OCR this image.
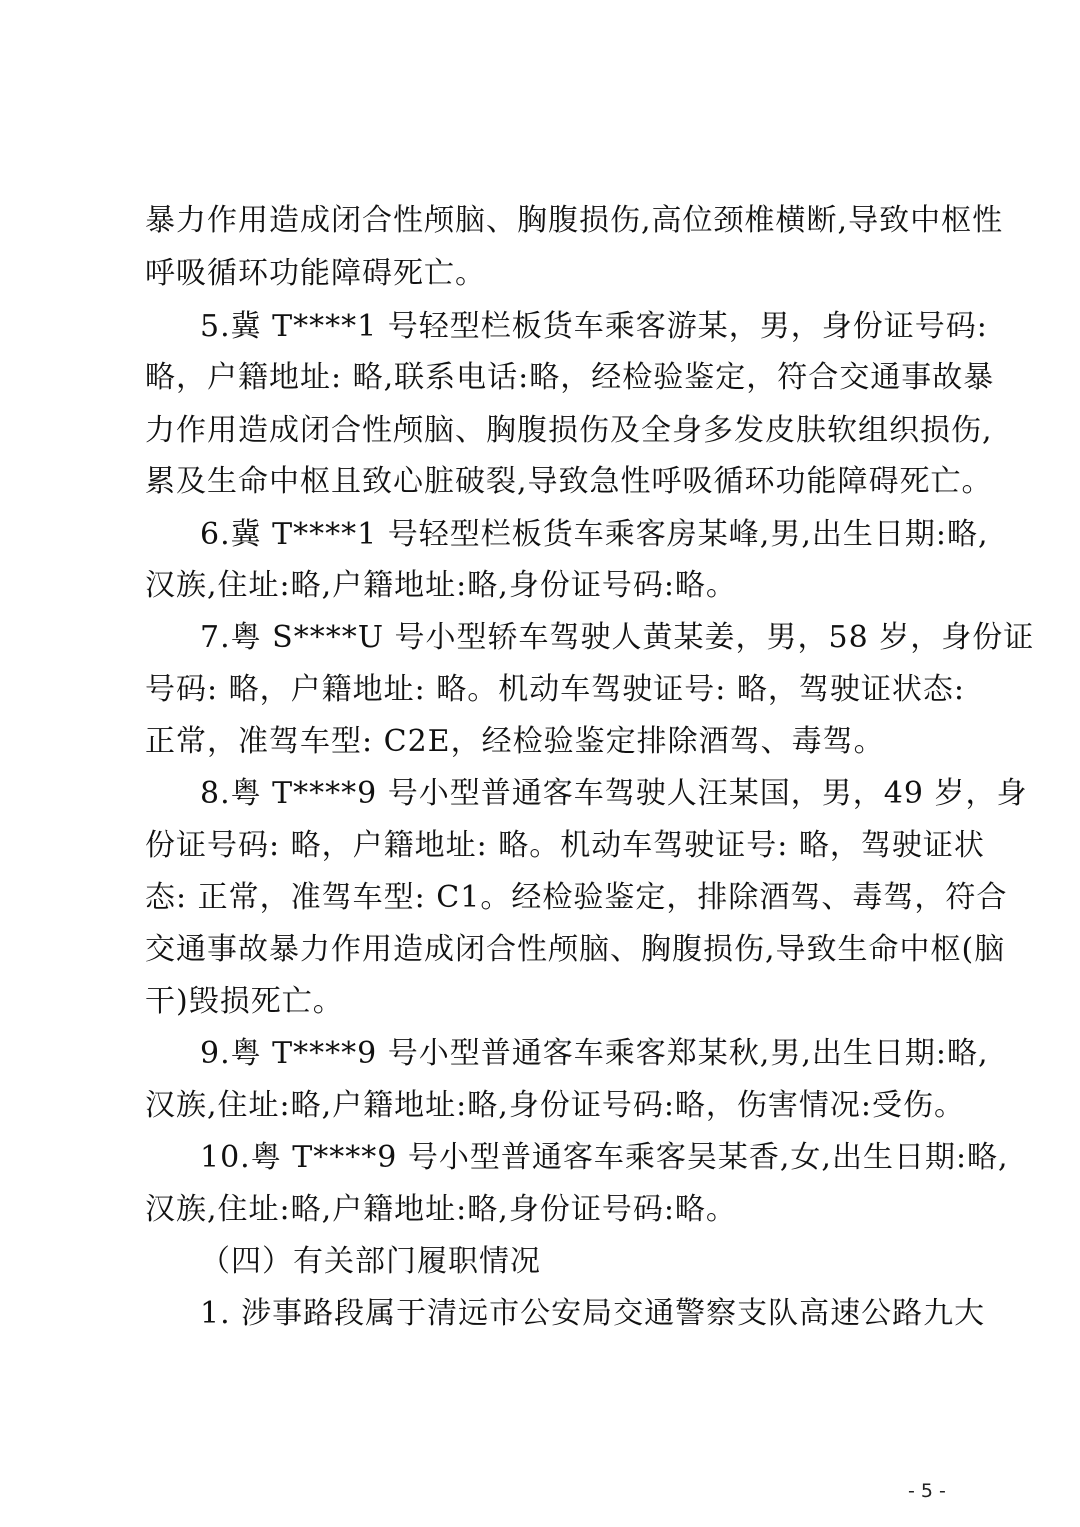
暴力作用造成闭合性颅脑、胸腹损伤,高位颈椎横断,导致中枢性
呼吸循环功能障碍死亡。
5.冀 T****1 号轻型栏板货车乘客游某，男，身份证号码:
略，户籍地址: 略,联系电话:略，经检验鉴定，符合交通事故暴
力作用造成闭合性颅脑、胸腹损伤及全身多发皮肤软组织损伤,
累及生命中枢且致心脏破裂,导致急性呼吸循环功能障碍死亡。
6.冀 T****1 号轻型栏板货车乘客房某峰,男,出生日期:略,
汉族,住址:略,户籍地址:略,身份证号码:略。
7.粤 S****U 号小型轿车驾驶人黄某姜，男，58 岁，身份证
号码: 略，户籍地址: 略。机动车驾驶证号: 略，驾驶证状态:
正常，准驾车型: C2E，经检验鉴定排除酒驾、毒驾。
8.粤 T****9 号小型普通客车驾驶人汪某国，男，49 岁，身
份证号码: 略，户籍地址: 略。机动车驾驶证号: 略，驾驶证状
态: 正常，准驾车型: C1。经检验鉴定，排除酒驾、毒驾，符合
交通事故暴力作用造成闭合性颅脑、胸腹损伤,导致生命中枢(脑
干)毁损死亡。
9.粤 T****9 号小型普通客车乘客郑某秋,男,出生日期:略,
汉族,住址:略,户籍地址:略,身份证号码:略，伤害情况:受伤。
10.粤 T****9 号小型普通客车乘客吴某香,女,出生日期:略,
汉族,住址:略,户籍地址:略,身份证号码:略。
（四）有关部门履职情况
1. 涉事路段属于清远市公安局交通警察支队高速公路九大
- 5 -
